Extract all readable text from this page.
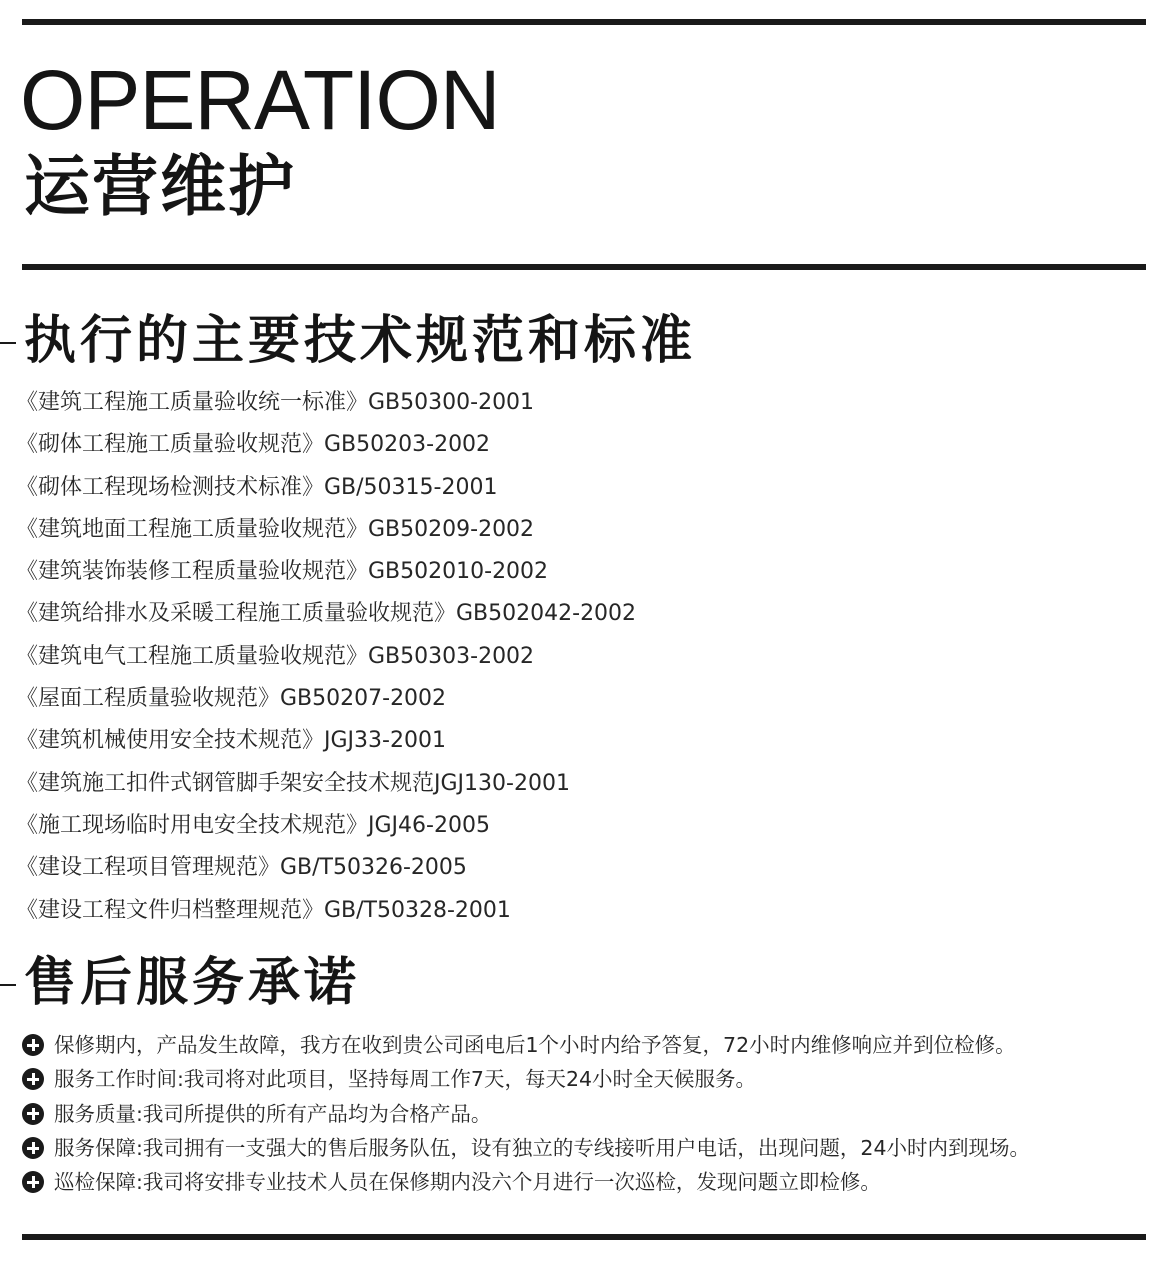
OPERATION
运营维护
执行的主要技术规范和标准
《建筑工程施工质量验收统一标准》GB50300-2001
《砌体工程施工质量验收规范》GB50203-2002
《砌体工程现场检测技术标准》GB/50315-2001
《建筑地面工程施工质量验收规范》GB50209-2002
《建筑装饰装修工程质量验收规范》GB502010-2002
《建筑给排水及采暖工程施工质量验收规范》GB502042-2002
《建筑电气工程施工质量验收规范》GB50303-2002
《屋面工程质量验收规范》GB50207-2002
《建筑机械使用安全技术规范》JGJ33-2001
《建筑施工扣件式钢管脚手架安全技术规范JGJ130-2001
《施工现场临时用电安全技术规范》JGJ46-2005
《建设工程项目管理规范》GB/T50326-2005
《建设工程文件归档整理规范》GB/T50328-2001
售后服务承诺
保修期内，产品发生故障，我方在收到贵公司函电后1个小时内给予答复，72小时内维修响应并到位检修。
服务工作时间:我司将对此项目，坚持每周工作7天，每天24小时全天候服务。
服务质量:我司所提供的所有产品均为合格产品。
服务保障:我司拥有一支强大的售后服务队伍，设有独立的专线接听用户电话，出现问题，24小时内到现场。
巡检保障:我司将安排专业技术人员在保修期内没六个月进行一次巡检，发现问题立即检修。
